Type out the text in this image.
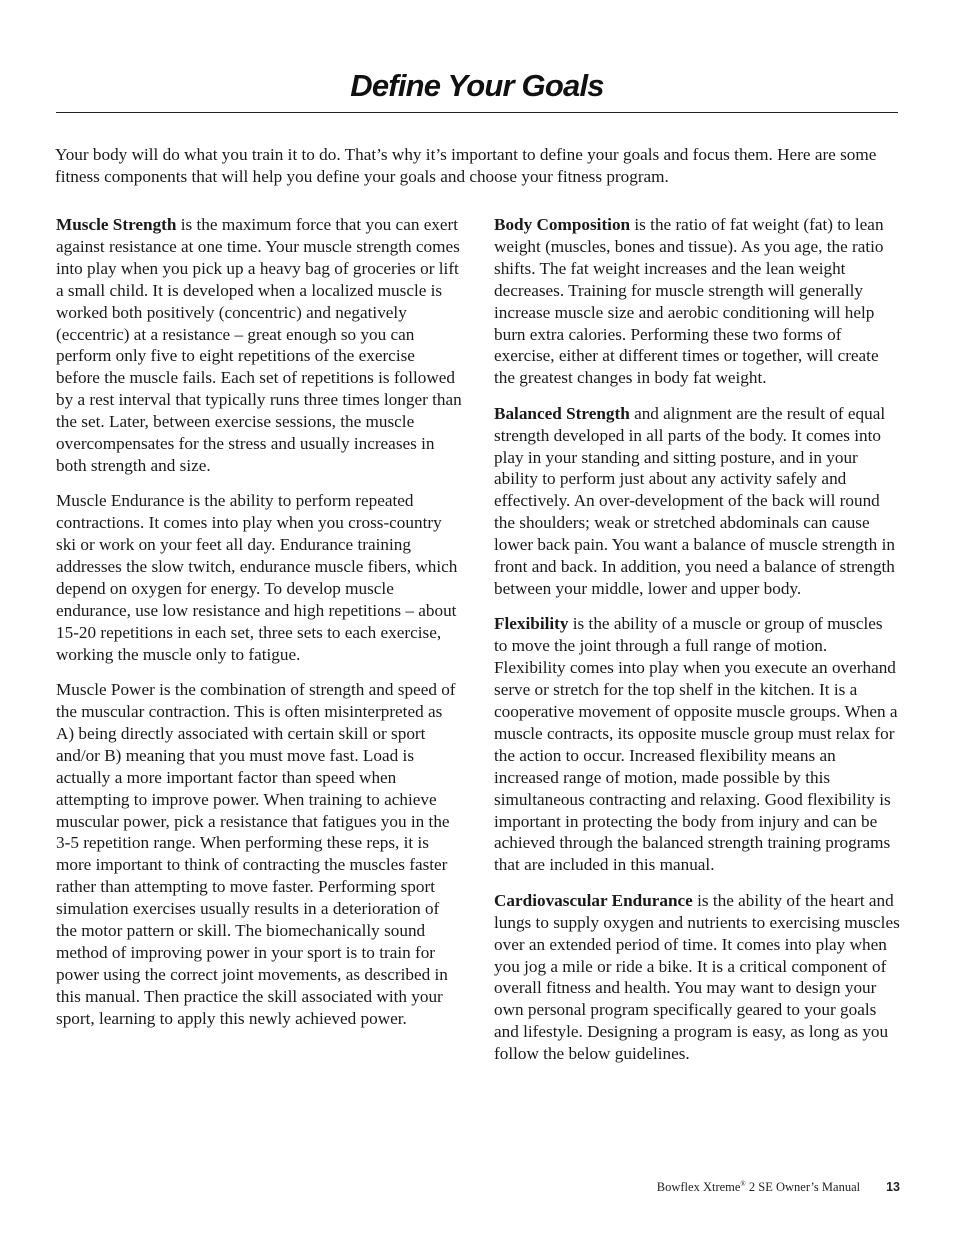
Define Your Goals

Your body will do what you train it to do. That’s why it’s important to define your goals and focus them. Here are some fitness components that will help you define your goals and choose your fitness program.

Muscle Strength is the maximum force that you can exert against resistance at one time. Your muscle strength comes into play when you pick up a heavy bag of groceries or lift a small child. It is developed when a localized muscle is worked both positively (concentric) and negatively (eccentric) at a resistance – great enough so you can perform only five to eight repetitions of the exercise before the muscle fails. Each set of repetitions is followed by a rest interval that typically runs three times longer than the set. Later, between exercise sessions, the muscle overcompensates for the stress and usually increases in both strength and size.

Muscle Endurance is the ability to perform repeated contractions. It comes into play when you cross-country ski or work on your feet all day. Endurance training addresses the slow twitch, endurance muscle fibers, which depend on oxygen for energy. To develop muscle endurance, use low resistance and high repetitions – about 15-20 repetitions in each set, three sets to each exercise, working the muscle only to fatigue.

Muscle Power is the combination of strength and speed of the muscular contraction. This is often misinterpreted as A) being directly associated with certain skill or sport and/or B) meaning that you must move fast. Load is actually a more important factor than speed when attempting to improve power. When training to achieve muscular power, pick a resistance that fatigues you in the 3-5 repetition range. When performing these reps, it is more important to think of contracting the muscles faster rather than attempting to move faster. Performing sport simulation exercises usually results in a deterioration of the motor pattern or skill. The biomechanically sound method of improving power in your sport is to train for power using the correct joint movements, as described in this manual. Then practice the skill associated with your sport, learning to apply this newly achieved power.

Body Composition is the ratio of fat weight (fat) to lean weight (muscles, bones and tissue). As you age, the ratio shifts. The fat weight increases and the lean weight decreases. Training for muscle strength will generally increase muscle size and aerobic conditioning will help burn extra calories. Performing these two forms of exercise, either at different times or together, will create the greatest changes in body fat weight.

Balanced Strength and alignment are the result of equal strength developed in all parts of the body. It comes into play in your standing and sitting posture, and in your ability to perform just about any activity safely and effectively. An over-development of the back will round the shoulders; weak or stretched abdominals can cause lower back pain. You want a balance of muscle strength in front and back. In addition, you need a balance of strength between your middle, lower and upper body.

Flexibility is the ability of a muscle or group of muscles to move the joint through a full range of motion. Flexibility comes into play when you execute an overhand serve or stretch for the top shelf in the kitchen. It is a cooperative movement of opposite muscle groups. When a muscle contracts, its opposite muscle group must relax for the action to occur. Increased flexibility means an increased range of motion, made possible by this simultaneous contracting and relaxing. Good flexibility is important in protecting the body from injury and can be achieved through the balanced strength training programs that are included in this manual.

Cardiovascular Endurance is the ability of the heart and lungs to supply oxygen and nutrients to exercising muscles over an extended period of time. It comes into play when you jog a mile or ride a bike. It is a critical component of overall fitness and health. You may want to design your own personal program specifically geared to your goals and lifestyle. Designing a program is easy, as long as you follow the below guidelines.

Bowflex Xtreme® 2 SE Owner’s Manual 13
